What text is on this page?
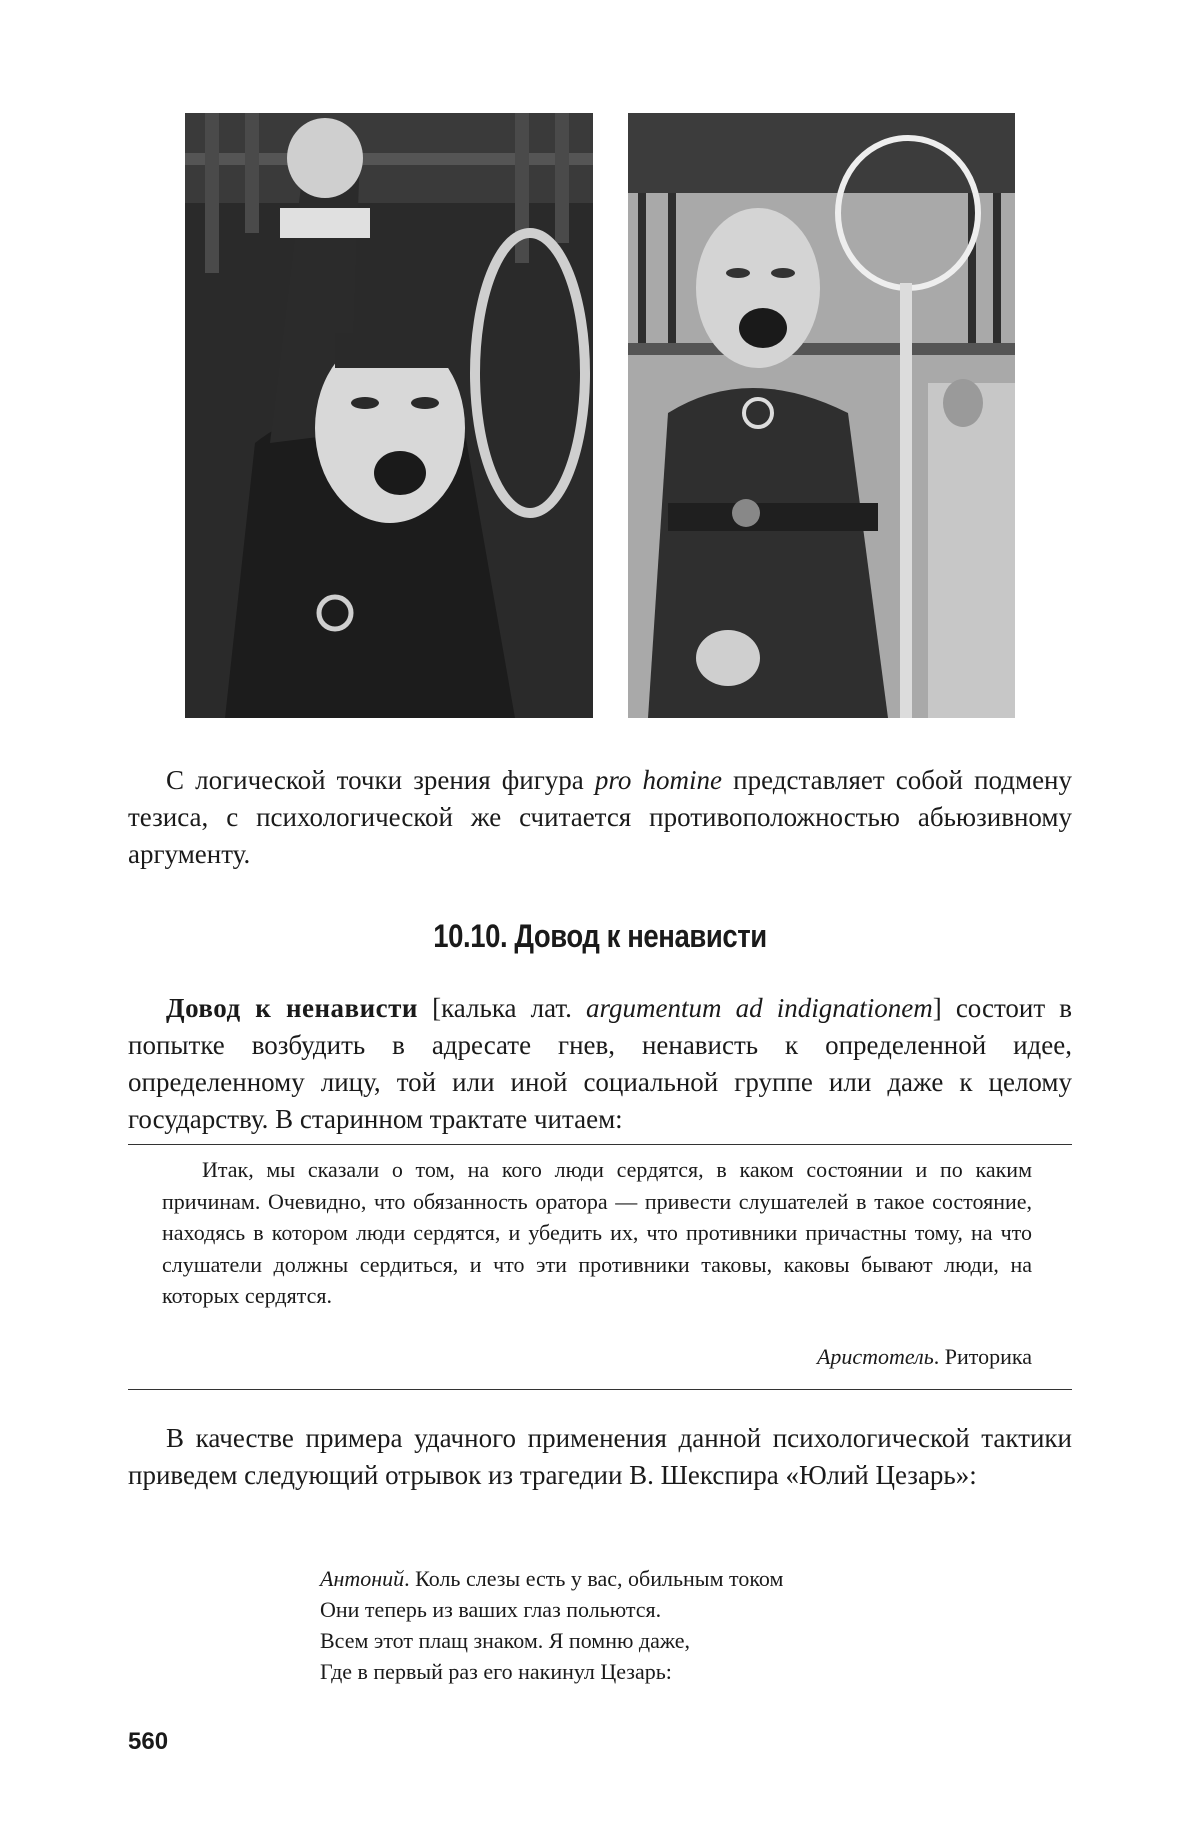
С логической точки зрения фигура pro homine представляет собой подмену тезиса, с психологической же считается противоположностью абьюзивному аргументу.

10.10. Довод к ненависти

Довод к ненависти [калька лат. argumentum ad indignationem] состоит в попытке возбудить в адресате гнев, ненависть к определенной идее, определенному лицу, той или иной социальной группе или даже к целому государству. В старинном трактате читаем:

Итак, мы сказали о том, на кого люди сердятся, в каком состоянии и по каким причинам. Очевидно, что обязанность оратора — привести слушателей в такое состояние, находясь в котором люди сердятся, и убедить их, что противники причастны тому, на что слушатели должны сердиться, и что эти противники таковы, каковы бывают люди, на которых сердятся.

Аристотель. Риторика

В качестве примера удачного применения данной психологической тактики приведем следующий отрывок из трагедии В. Шекспира «Юлий Цезарь»:

Антоний. Коль слезы есть у вас, обильным током
Они теперь из ваших глаз польются.
Всем этот плащ знаком. Я помню даже,
Где в первый раз его накинул Цезарь:
560
